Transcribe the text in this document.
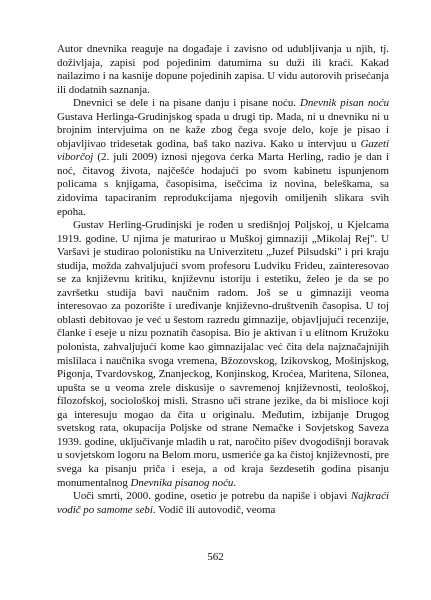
Autor dnevnika reaguje na događaje i zavisno od udubljivanja u njih, tj. doživljaja, zapisi pod pojedinim datumima su duži ili kraći. Kakad nailazimo i na kasnije dopune pojedinih zapisa. U vidu autorovih prisećanja ili dodatnih saznanja.

Dnevnici se dele i na pisane danju i pisane noću. Dnevnik pisan noću Gustava Herlinga-Grudinjskog spada u drugi tip. Mada, ni u dnevniku ni u brojnim intervjuima on ne kaže zbog čega svoje delo, koje je pisao i objavljivao tridesetak godina, baš tako naziva. Kako u intervjuu u Gazeti viborčoj (2. juli 2009) iznosi njegova ćerka Marta Herling, radio je dan i noć, čitavog života, najčešće hodajući po svom kabinetu ispunjenom policama s knjigama, časopisima, isečcima iz novina, beleškama, sa zidovima tapaciranim reprodukcijama njegovih omiljenih slikara svih epoha.

Gustav Herling-Grudinjski je rođen u središnjoj Poljskoj, u Kjelcama 1919. godine. U njima je maturirao u Muškoj gimnaziji „Mikolaj Rej". U Varšavi je studirao polonistiku na Univerzitetu „Juzef Pilsudski" i pri kraju studija, možda zahvaljujući svom profesoru Ludviku Fridеu, zainteresovao se za književnu kritiku, književnu istoriju i estetiku, želeo je da se po završetku studija bavi naučnim radom. Još se u gimnaziji veoma interesovao za pozorište i uređivanje književno-društvenih časopisa. U toj oblasti debitovao je već u šestom razredu gimnazije, objavljujući recenzije, članke i eseje u nizu poznatih časopisa. Bio je aktivan i u elitnom Kružoku polonista, zahvaljujući kome kao gimnazijalac već čita dela najznačajnijih mislilaca i naučnika svoga vremena, Bžozovskog, Izikovskog, Mošinjskog, Pigonja, Tvardovskog, Znanjeckog, Konjinskog, Kroćea, Maritena, Silonea, upušta se u veoma zrele diskusije o savremenoj književnosti, teološkoj, filozofskoj, sociološkoj misli. Strasno uči strane jezike, da bi mislioce koji ga interesuju mogao da čita u originalu. Međutim, izbijanje Drugog svetskog rata, okupacija Poljske od strane Nemačke i Sovjetskog Saveza 1939. godine, uključivanje mladih u rat, naročito pišev dvogodišnji boravak u sovjetskom logoru na Belom moru, usmeriće ga ka čistoj književnosti, pre svega ka pisanju priča i eseja, a od kraja šezdesetih godina pisanju monumentalnog Dnevnika pisanog noću.

Uoči smrti, 2000. godine, osetio je potrebu da napiše i objavi Najkraći vodič po samome sebi. Vodič ili autovodič, veoma

562
